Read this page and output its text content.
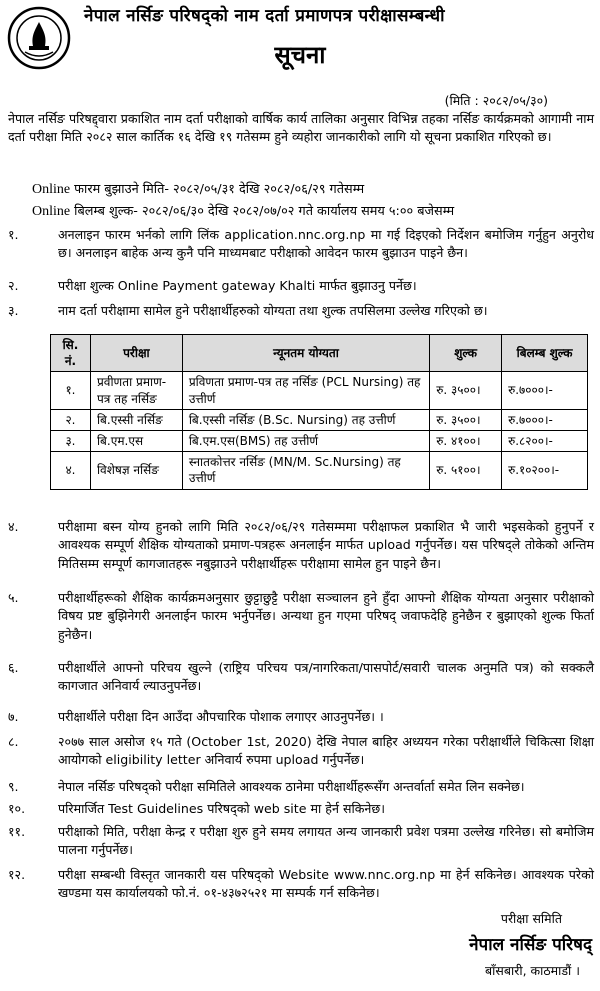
नेपाल नर्सिङ परिषद्को नाम दर्ता प्रमाणपत्र परीक्षासम्बन्धी
सूचना
(मिति : २०८२/०५/३०)
नेपाल नर्सिङ परिषद्द्वारा प्रकाशित नाम दर्ता परीक्षाको वार्षिक कार्य तालिका अनुसार विभिन्न तहका नर्सिङ कार्यक्रमको आगामी नाम दर्ता परीक्षा मिति २०८२ साल कार्तिक १६ देखि १९ गतेसम्म हुने व्यहोरा जानकारीको लागि यो सूचना प्रकाशित गरिएको छ।
Online फारम बुझाउने मिति- २०८२/०५/३१ देखि २०८२/०६/२९ गतेसम्म
Online बिलम्ब शुल्क- २०८२/०६/३० देखि २०८२/०७/०२ गते कार्यालय समय ५:०० बजेसम्म
१.	अनलाइन फारम भर्नको लागि लिंक application.nnc.org.np मा गई दिइएको निर्देशन बमोजिम गर्नुहुन अनुरोध छ। अनलाइन बाहेक अन्य कुनै पनि माध्यमबाट परीक्षाको आवेदन फारम बुझाउन पाइने छैन।
२.	परीक्षा शुल्क Online Payment gateway Khalti मार्फत बुझाउनु पर्नेछ।
३.	नाम दर्ता परीक्षामा सामेल हुने परीक्षार्थीहरुको योग्यता तथा शुल्क तपसिलमा उल्लेख गरिएको छ।
सि. नं.	परीक्षा	न्यूनतम योग्यता	शुल्क	बिलम्ब शुल्क
१.	प्रवीणता प्रमाण-पत्र तह नर्सिङ	प्रविणता प्रमाण-पत्र तह नर्सिङ (PCL Nursing) तह उत्तीर्ण	रु. ३५००।	रु.७०००।-
२.	बि.एस्सी नर्सिङ	बि.एस्सी नर्सिङ (B.Sc. Nursing) तह उत्तीर्ण	रु. ३५००।	रु.७०००।-
३.	बि.एम.एस	बि.एम.एस(BMS) तह उत्तीर्ण	रु. ४१००।	रु.८२००।-
४.	विशेषज्ञ नर्सिङ	स्नातकोत्तर नर्सिङ (MN/M. Sc.Nursing) तह उत्तीर्ण	रु. ५१००।	रु.१०२००।-
४.	परीक्षामा बस्न योग्य हुनको लागि मिति २०८२/०६/२९ गतेसम्ममा परीक्षाफल प्रकाशित भै जारी भइसकेको हुनुपर्ने र आवश्यक सम्पूर्ण शैक्षिक योग्यताको प्रमाण-पत्रहरू अनलाईन मार्फत upload गर्नुपर्नेछ। यस परिषद्ले तोकेको अन्तिम मितिसम्म सम्पूर्ण कागजातहरू नबुझाउने परीक्षार्थीहरू परीक्षामा सामेल हुन पाइने छैन।
५.	परीक्षार्थीहरूको शैक्षिक कार्यक्रमअनुसार छुट्टाछुट्टै परीक्षा सञ्चालन हुने हुँदा आफ्नो शैक्षिक योग्यता अनुसार परीक्षाको विषय प्रष्ट बुझिनेगरी अनलाईन फारम भर्नुपर्नेछ। अन्यथा हुन गएमा परिषद् जवाफदेहि हुनेछैन र बुझाएको शुल्क फिर्ता हुनेछैन।
६.	परीक्षार्थीले आफ्नो परिचय खुल्ने (राष्ट्रिय परिचय पत्र/नागरिकता/पासपोर्ट/सवारी चालक अनुमति पत्र) को सक्कलै कागजात अनिवार्य ल्याउनुपर्नेछ।
७.	परीक्षार्थीले परीक्षा दिन आउँदा औपचारिक पोशाक लगाएर आउनुपर्नेछ। ।
८.	२०७७ साल असोज १५ गते (October 1st, 2020) देखि नेपाल बाहिर अध्ययन गरेका परीक्षार्थीले चिकित्सा शिक्षा आयोगको eligibility letter अनिवार्य रुपमा upload गर्नुपर्नेछ।
९.	नेपाल नर्सिङ परिषद्को परीक्षा समितिले आवश्यक ठानेमा परीक्षार्थीहरूसँग अन्तर्वार्ता समेत लिन सक्नेछ।
१०.	परिमार्जित Test Guidelines परिषद्को web site मा हेर्न सकिनेछ।
११.	परीक्षाको मिति, परीक्षा केन्द्र र परीक्षा शुरु हुने समय लगायत अन्य जानकारी प्रवेश पत्रमा उल्लेख गरिनेछ। सो बमोजिम पालना गर्नुपर्नेछ।
१२.	परीक्षा सम्बन्धी विस्तृत जानकारी यस परिषद्को Website www.nnc.org.np मा हेर्न सकिनेछ। आवश्यक परेको खण्डमा यस कार्यालयको फो.नं. ०१-४३७२५२१ मा सम्पर्क गर्न सकिनेछ।
परीक्षा समिति
नेपाल नर्सिङ परिषद्
बाँसबारी, काठमाडौं ।
